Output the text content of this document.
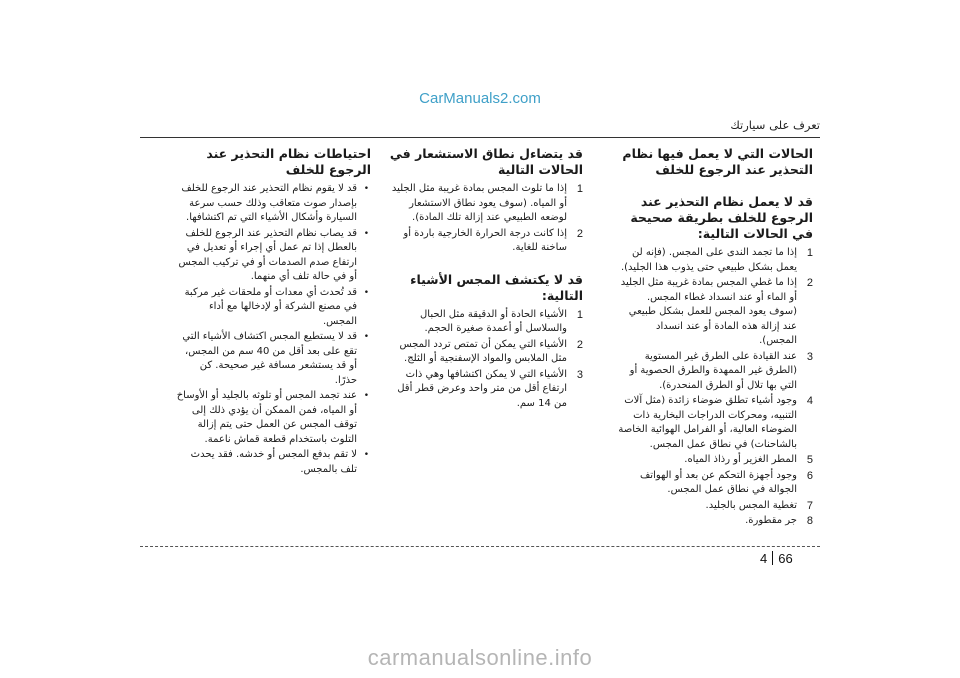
CarManuals2.com
تعرف على سيارتك
الحالات التي لا يعمل فيها نظام التحذير عند الرجوع للخلف
قد لا يعمل نظام التحذير عند الرجوع للخلف بطريقة صحيحة في الحالات التالية:
1
إذا ما تجمد الندى على المجس. (فإنه لن يعمل بشكل طبيعي حتى يذوب هذا الجليد).
2
إذا ما غطي المجس بمادة غريبة مثل الجليد أو الماء أو عند انسداد غطاء المجس. (سوف يعود المجس للعمل بشكل طبيعي عند إزالة هذه المادة أو عند انسداد المجس).
3
عند القيادة على الطرق غير المستوية (الطرق غير الممهدة والطرق الحصوية أو التي بها تلال أو الطرق المنحدرة).
4
وجود أشياء تطلق ضوضاء زائدة (مثل آلات التنبيه، ومحركات الدراجات البخارية ذات الضوضاء العالية، أو الفرامل الهوائية الخاصة بالشاحنات) في نطاق عمل المجس.
5
المطر الغزير أو رذاذ المياه.
6
وجود أجهزة التحكم عن بعد أو الهواتف الجوالة في نطاق عمل المجس.
7
تغطية المجس بالجليد.
8
جر مقطورة.
قد يتضاءل نطاق الاستشعار في الحالات التالية
1
إذا ما تلوث المجس بمادة غريبة مثل الجليد أو المياه. (سوف يعود نطاق الاستشعار لوضعه الطبيعي عند إزالة تلك المادة).
2
إذا كانت درجة الحرارة الخارجية باردة أو ساخنة للغاية.
قد لا يكتشف المجس الأشياء التالية:
1
الأشياء الحادة أو الدقيقة مثل الحبال والسلاسل أو أعمدة صغيرة الحجم.
2
الأشياء التي يمكن أن تمتص تردد المجس مثل الملابس والمواد الإسفنجية أو الثلج.
3
الأشياء التي لا يمكن اكتشافها وهي ذات ارتفاع أقل من متر واحد وعرض قطر أقل من 14 سم.
احتياطات نظام التحذير عند الرجوع للخلف
•
قد لا يقوم نظام التحذير عند الرجوع للخلف بإصدار صوت متعاقب وذلك حسب سرعة السيارة وأشكال الأشياء التي تم اكتشافها.
•
قد يصاب نظام التحذير عند الرجوع للخلف بالعطل إذا تم عمل أي إجراء أو تعديل في ارتفاع صدم الصدمات أو في تركيب المجس أو في حالة تلف أي منهما.
•
قد تُحدث أي معدات أو ملحقات غير مركبة في مصنع الشركة أو لإدخالها مع أداء المجس.
•
قد لا يستطيع المجس اكتشاف الأشياء التي تقع على بعد أقل من 40 سم من المجس، أو قد يستشعر مسافة غير صحيحة. كن حذرًا.
•
عند تجمد المجس أو تلوثه بالجليد أو الأوساخ أو المياه، فمن الممكن أن يؤدي ذلك إلى توقف المجس عن العمل حتى يتم إزالة التلوث باستخدام قطعة قماش ناعمة.
•
لا تقم بدفع المجس أو خدشه. فقد يحدث تلف بالمجس.
4 66
carmanualsonline.info
